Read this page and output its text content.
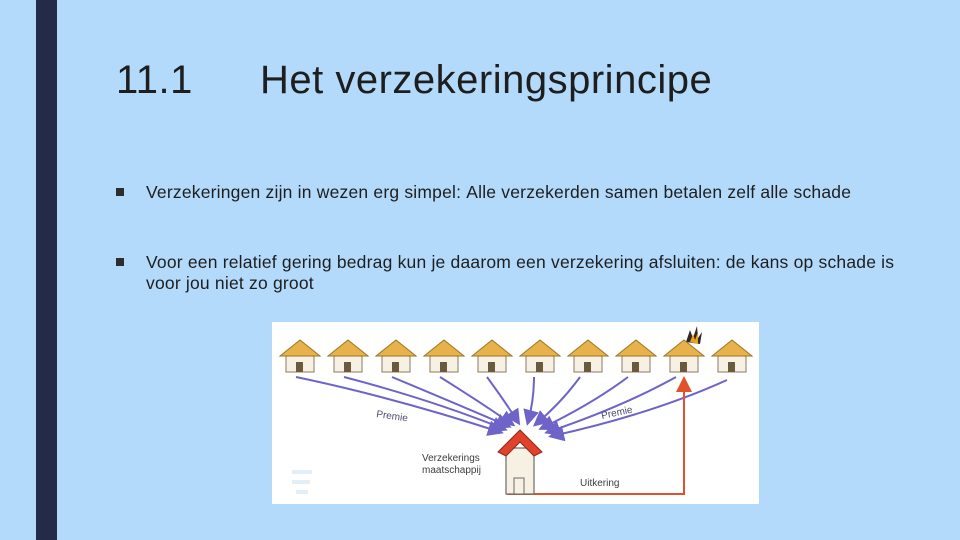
11.1 Het verzekeringsprincipe
Verzekeringen zijn in wezen erg simpel: Alle verzekerden samen betalen zelf alle schade
Voor een relatief gering bedrag kun je daarom een verzekering afsluiten: de kans op schade is voor jou niet zo groot
Premie	Premie
Verzekerings
maatschappij
Uitkering
